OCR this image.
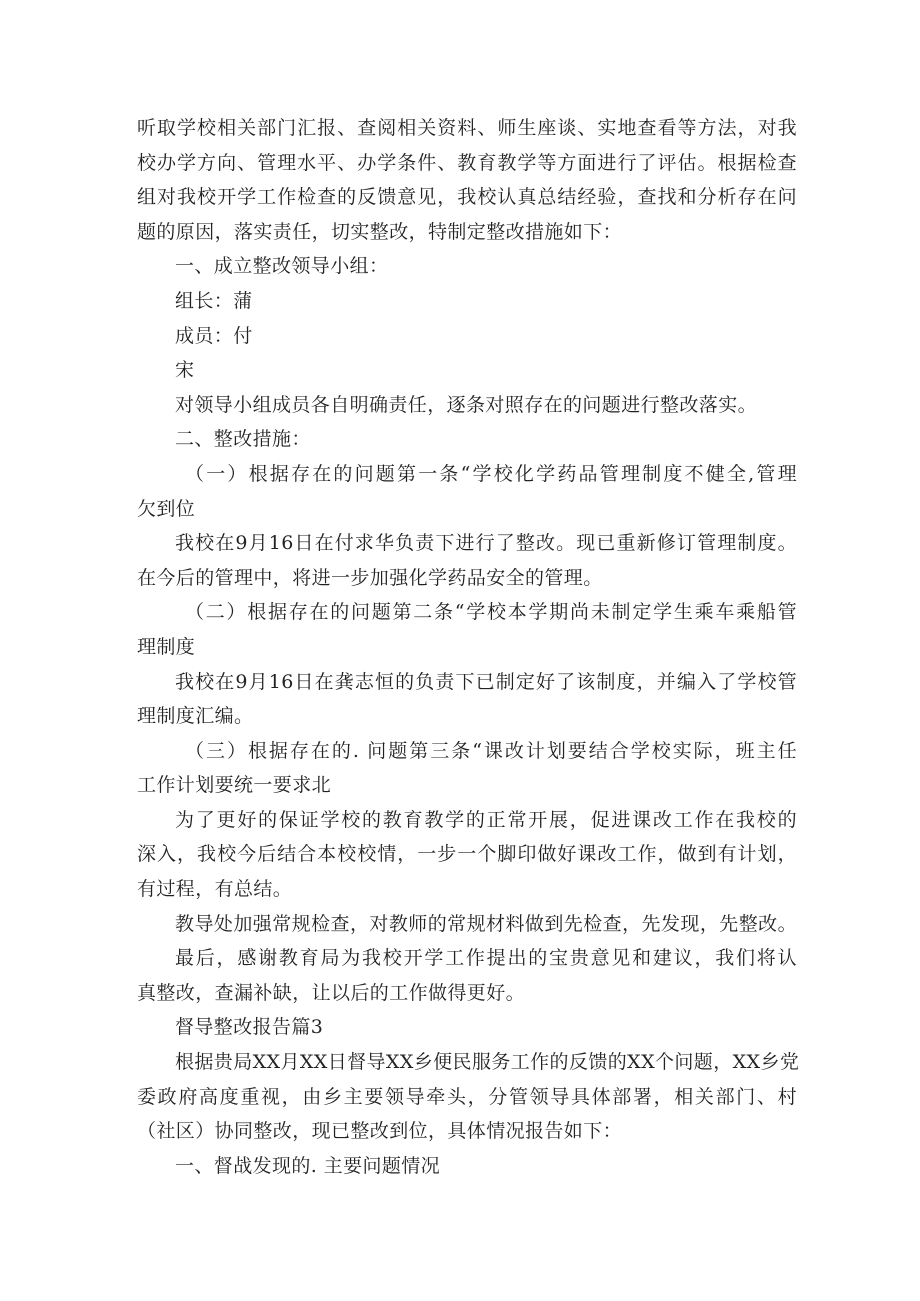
听取学校相关部门汇报、查阅相关资料、师生座谈、实地查看等方法，对我
校办学方向、管理水平、办学条件、教育教学等方面进行了评估。根据检查
组对我校开学工作检查的反馈意见，我校认真总结经验，查找和分析存在问
题的原因，落实责任，切实整改，特制定整改措施如下：
一、成立整改领导小组：
组长：蒲
成员：付
宋
对领导小组成员各自明确责任，逐条对照存在的问题进行整改落实。
二、整改措施：
（一）根据存在的问题第一条“学校化学药品管理制度不健全,管理
欠到位
我校在9月16日在付求华负责下进行了整改。现已重新修订管理制度。
在今后的管理中，将进一步加强化学药品安全的管理。
（二）根据存在的问题第二条“学校本学期尚未制定学生乘车乘船管
理制度
我校在9月16日在龚志恒的负责下已制定好了该制度，并编入了学校管
理制度汇编。
（三）根据存在的. 问题第三条“课改计划要结合学校实际，班主任
工作计划要统一要求北
为了更好的保证学校的教育教学的正常开展，促进课改工作在我校的
深入，我校今后结合本校校情，一步一个脚印做好课改工作，做到有计划，
有过程，有总结。
教导处加强常规检查，对教师的常规材料做到先检查，先发现，先整改。
最后，感谢教育局为我校开学工作提出的宝贵意见和建议，我们将认
真整改，查漏补缺，让以后的工作做得更好。
督导整改报告篇3
根据贵局XX月XX日督导XX乡便民服务工作的反馈的XX个问题，XX乡党
委政府高度重视，由乡主要领导牵头，分管领导具体部署，相关部门、村
（社区）协同整改，现已整改到位，具体情况报告如下：
一、督战发现的. 主要问题情况
